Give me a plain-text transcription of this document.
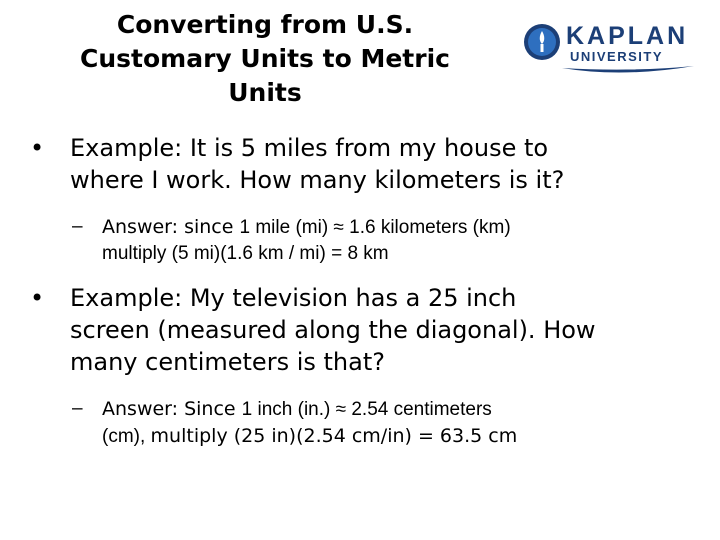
Converting from U.S.
Customary Units to Metric
Units
KAPLAN
UNIVERSITY
• Example: It is 5 miles from my house to
where I work. How many kilometers is it?
– Answer: since 1 mile (mi) ≈ 1.6 kilometers (km)
multiply (5 mi)(1.6 km / mi) = 8 km
• Example: My television has a 25 inch
screen (measured along the diagonal). How
many centimeters is that?
– Answer: Since 1 inch (in.) ≈ 2.54 centimeters
(cm), multiply (25 in)(2.54 cm/in) = 63.5 cm
